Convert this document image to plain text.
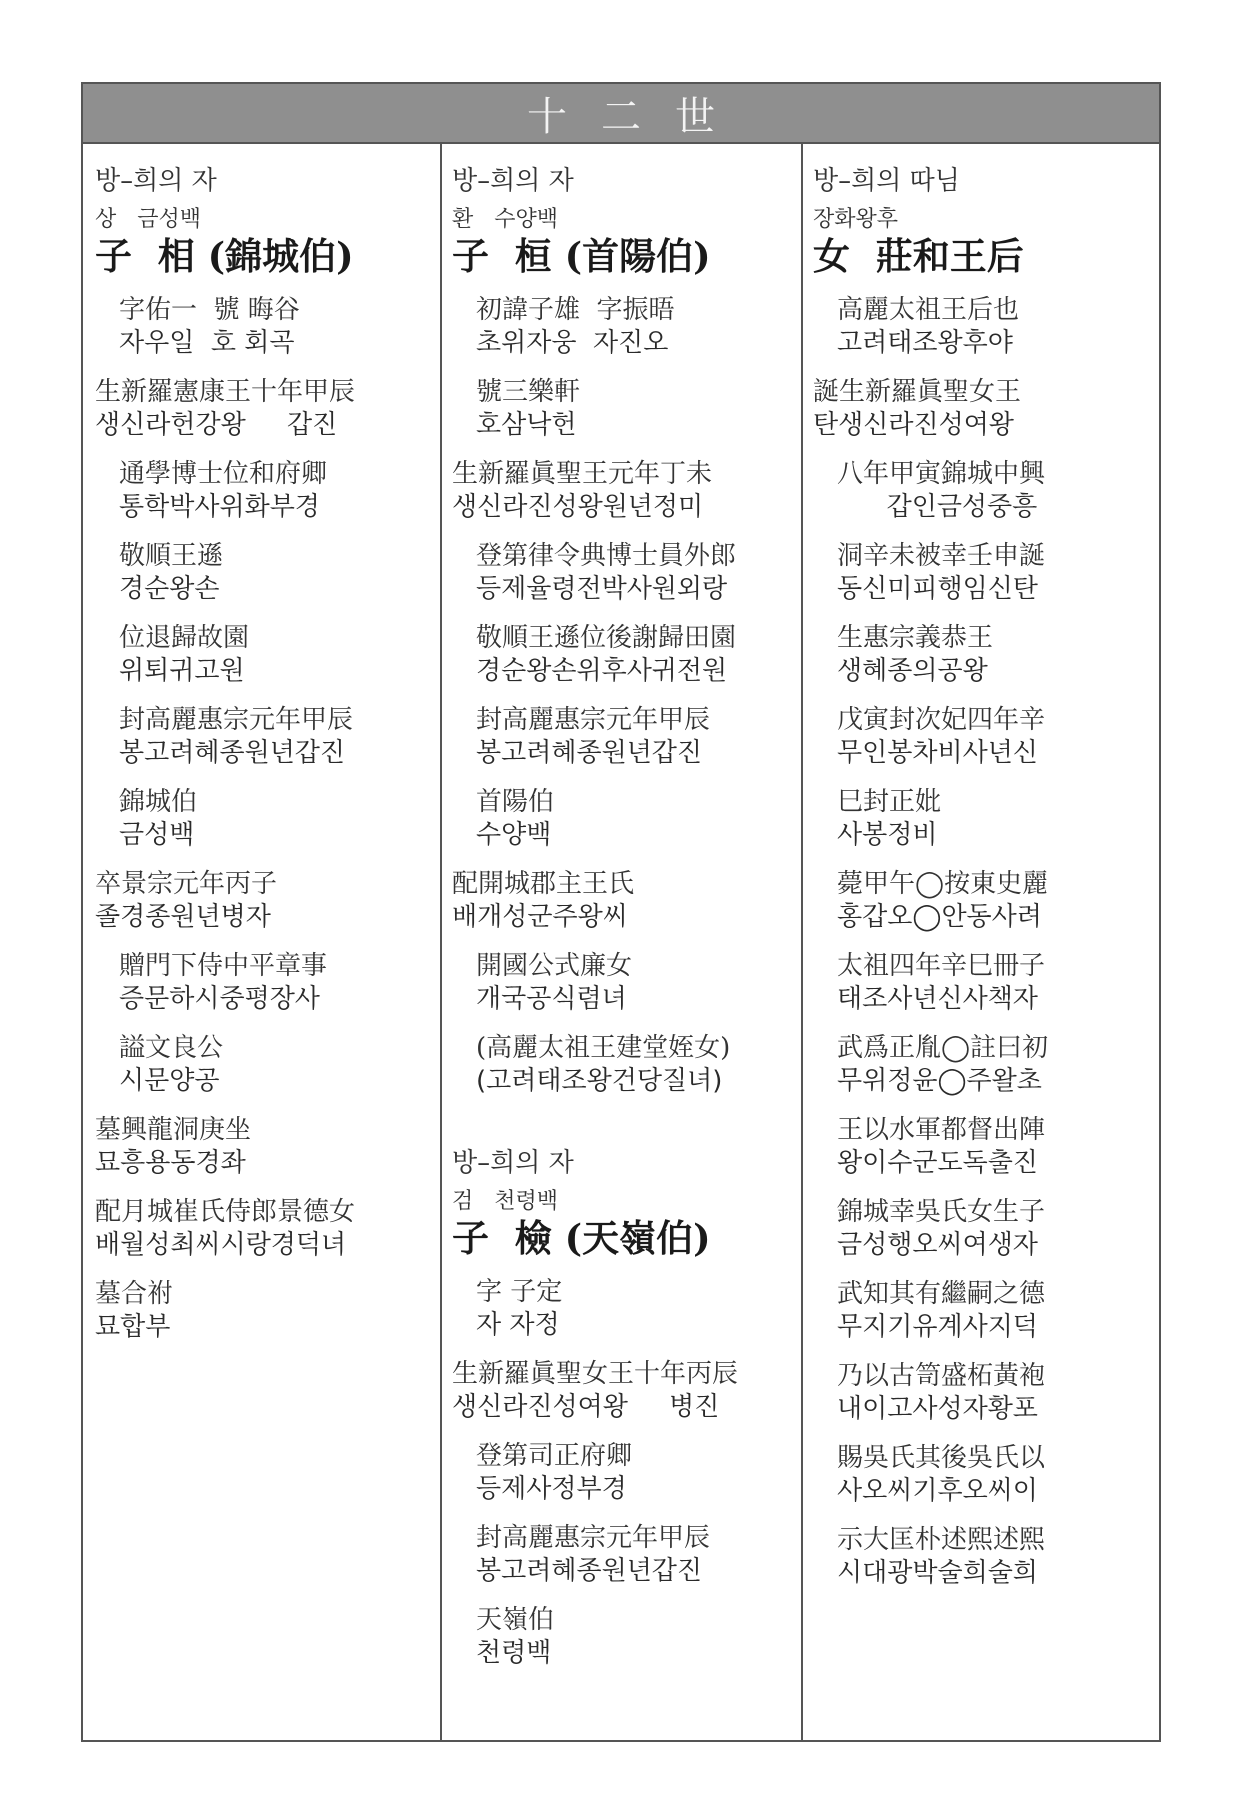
十二世
방–희의 자
상   금성백
子  相 (錦城伯)
字佑一  號 晦谷
자우일  호 회곡
生新羅憲康王十年甲辰
생신라헌강왕     갑진
通學博士位和府卿
통학박사위화부경
敬順王遜
경순왕손
位退歸故園
위퇴귀고원
封高麗惠宗元年甲辰
봉고려혜종원년갑진
錦城伯
금성백
卒景宗元年丙子
졸경종원년병자
贈門下侍中平章事
증문하시중평장사
謚文良公
시문양공
墓興龍洞庚坐
묘흥용동경좌
配月城崔氏侍郎景德女
배월성최씨시랑경덕녀
墓合祔
묘합부
방–희의 자
환   수양백
子  桓 (首陽伯)
初諱子雄  字振晤
초위자웅  자진오
號三樂軒
호삼낙헌
生新羅眞聖王元年丁未
생신라진성왕원년정미
登第律令典博士員外郎
등제율령전박사원외랑
敬順王遜位後謝歸田園
경순왕손위후사귀전원
封高麗惠宗元年甲辰
봉고려혜종원년갑진
首陽伯
수양백
配開城郡主王氏
배개성군주왕씨
開國公式廉女
개국공식렴녀
(高麗太祖王建堂姪女)
(고려태조왕건당질녀)
방–희의 자
검   천령백
子  檢 (天嶺伯)
字 子定
자 자정
生新羅眞聖女王十年丙辰
생신라진성여왕     병진
登第司正府卿
등제사정부경
封高麗惠宗元年甲辰
봉고려혜종원년갑진
天嶺伯
천령백
방–희의 따님
장화왕후
女  莊和王后
高麗太祖王后也
고려태조왕후야
誕生新羅眞聖女王
탄생신라진성여왕
八年甲寅錦城中興
갑인금성중흥
洞辛未被幸壬申誕
동신미피행임신탄
生惠宗義恭王
생혜종의공왕
戊寅封次妃四年辛
무인봉차비사년신
巳封正妣
사봉정비
薨甲午◯按東史麗
홍갑오◯안동사려
太祖四年辛巳冊子
태조사년신사책자
武爲正胤◯註曰初
무위정윤◯주왈초
王以水軍都督出陣
왕이수군도독출진
錦城幸吳氏女生子
금성행오씨여생자
武知其有繼嗣之德
무지기유계사지덕
乃以古笥盛柘黃袍
내이고사성자황포
賜吳氏其後吳氏以
사오씨기후오씨이
示大匡朴述熙述熙
시대광박술희술희
